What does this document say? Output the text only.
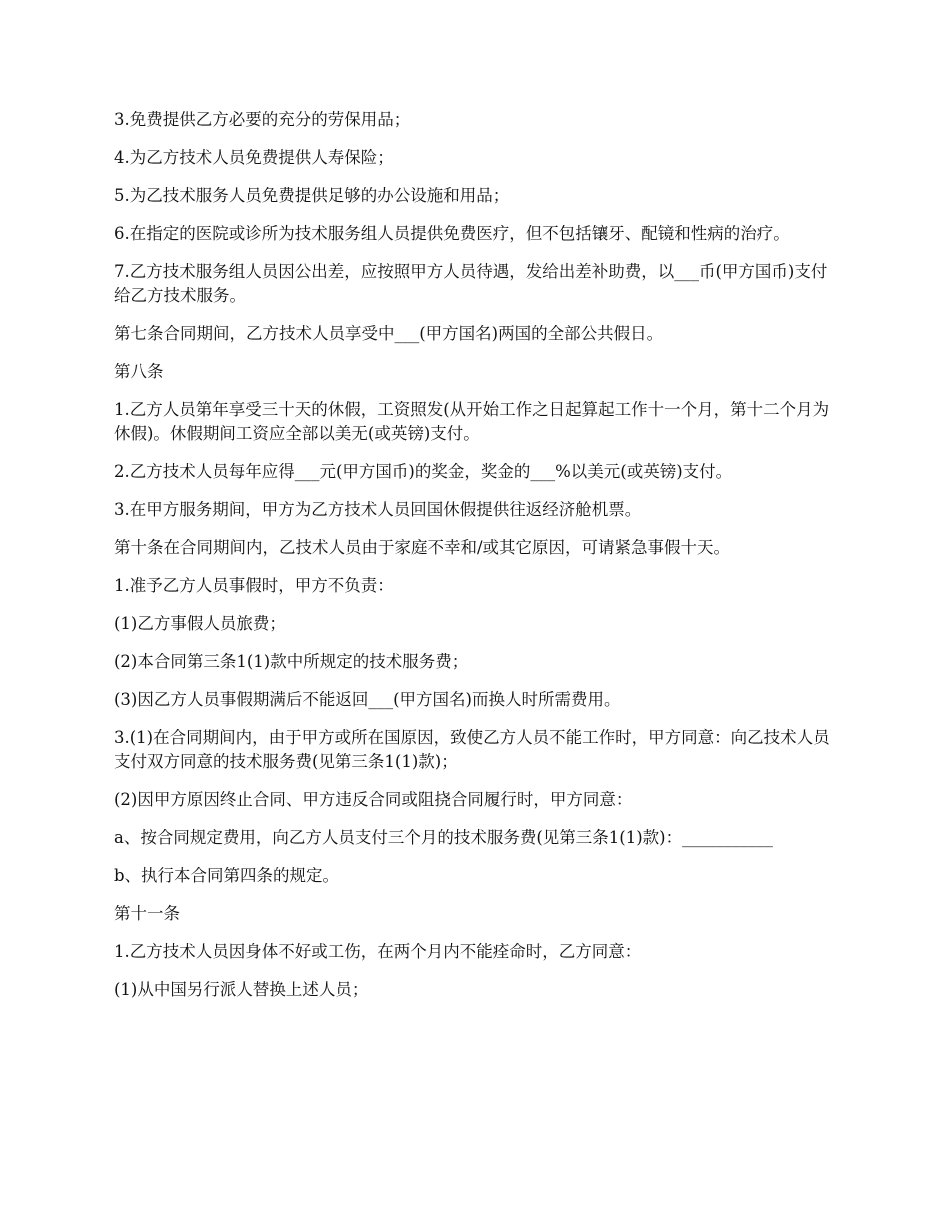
3.免费提供乙方必要的充分的劳保用品；

4.为乙方技术人员免费提供人寿保险；

5.为乙技术服务人员免费提供足够的办公设施和用品；

6.在指定的医院或诊所为技术服务组人员提供免费医疗，但不包括镶牙、配镜和性病的治疗。

7.乙方技术服务组人员因公出差，应按照甲方人员待遇，发给出差补助费，以___币(甲方国币)支付给乙方技术服务。

第七条合同期间，乙方技术人员享受中___(甲方国名)两国的全部公共假日。

第八条

1.乙方人员第年享受三十天的休假，工资照发(从开始工作之日起算起工作十一个月，第十二个月为休假)。休假期间工资应全部以美无(或英镑)支付。

2.乙方技术人员每年应得___元(甲方国币)的奖金，奖金的___%以美元(或英镑)支付。

3.在甲方服务期间，甲方为乙方技术人员回国休假提供往返经济舱机票。

第十条在合同期间内，乙技术人员由于家庭不幸和/或其它原因，可请紧急事假十天。

1.准予乙方人员事假时，甲方不负责：

(1)乙方事假人员旅费；

(2)本合同第三条1(1)款中所规定的技术服务费；

(3)因乙方人员事假期满后不能返回___(甲方国名)而换人时所需费用。

3.(1)在合同期间内，由于甲方或所在国原因，致使乙方人员不能工作时，甲方同意：向乙技术人员支付双方同意的技术服务费(见第三条1(1)款)；

(2)因甲方原因终止合同、甲方违反合同或阻挠合同履行时，甲方同意：

a、按合同规定费用，向乙方人员支付三个月的技术服务费(见第三条1(1)款)：___________

b、执行本合同第四条的规定。

第十一条

1.乙方技术人员因身体不好或工伤，在两个月内不能痊命时，乙方同意：

(1)从中国另行派人替换上述人员；
